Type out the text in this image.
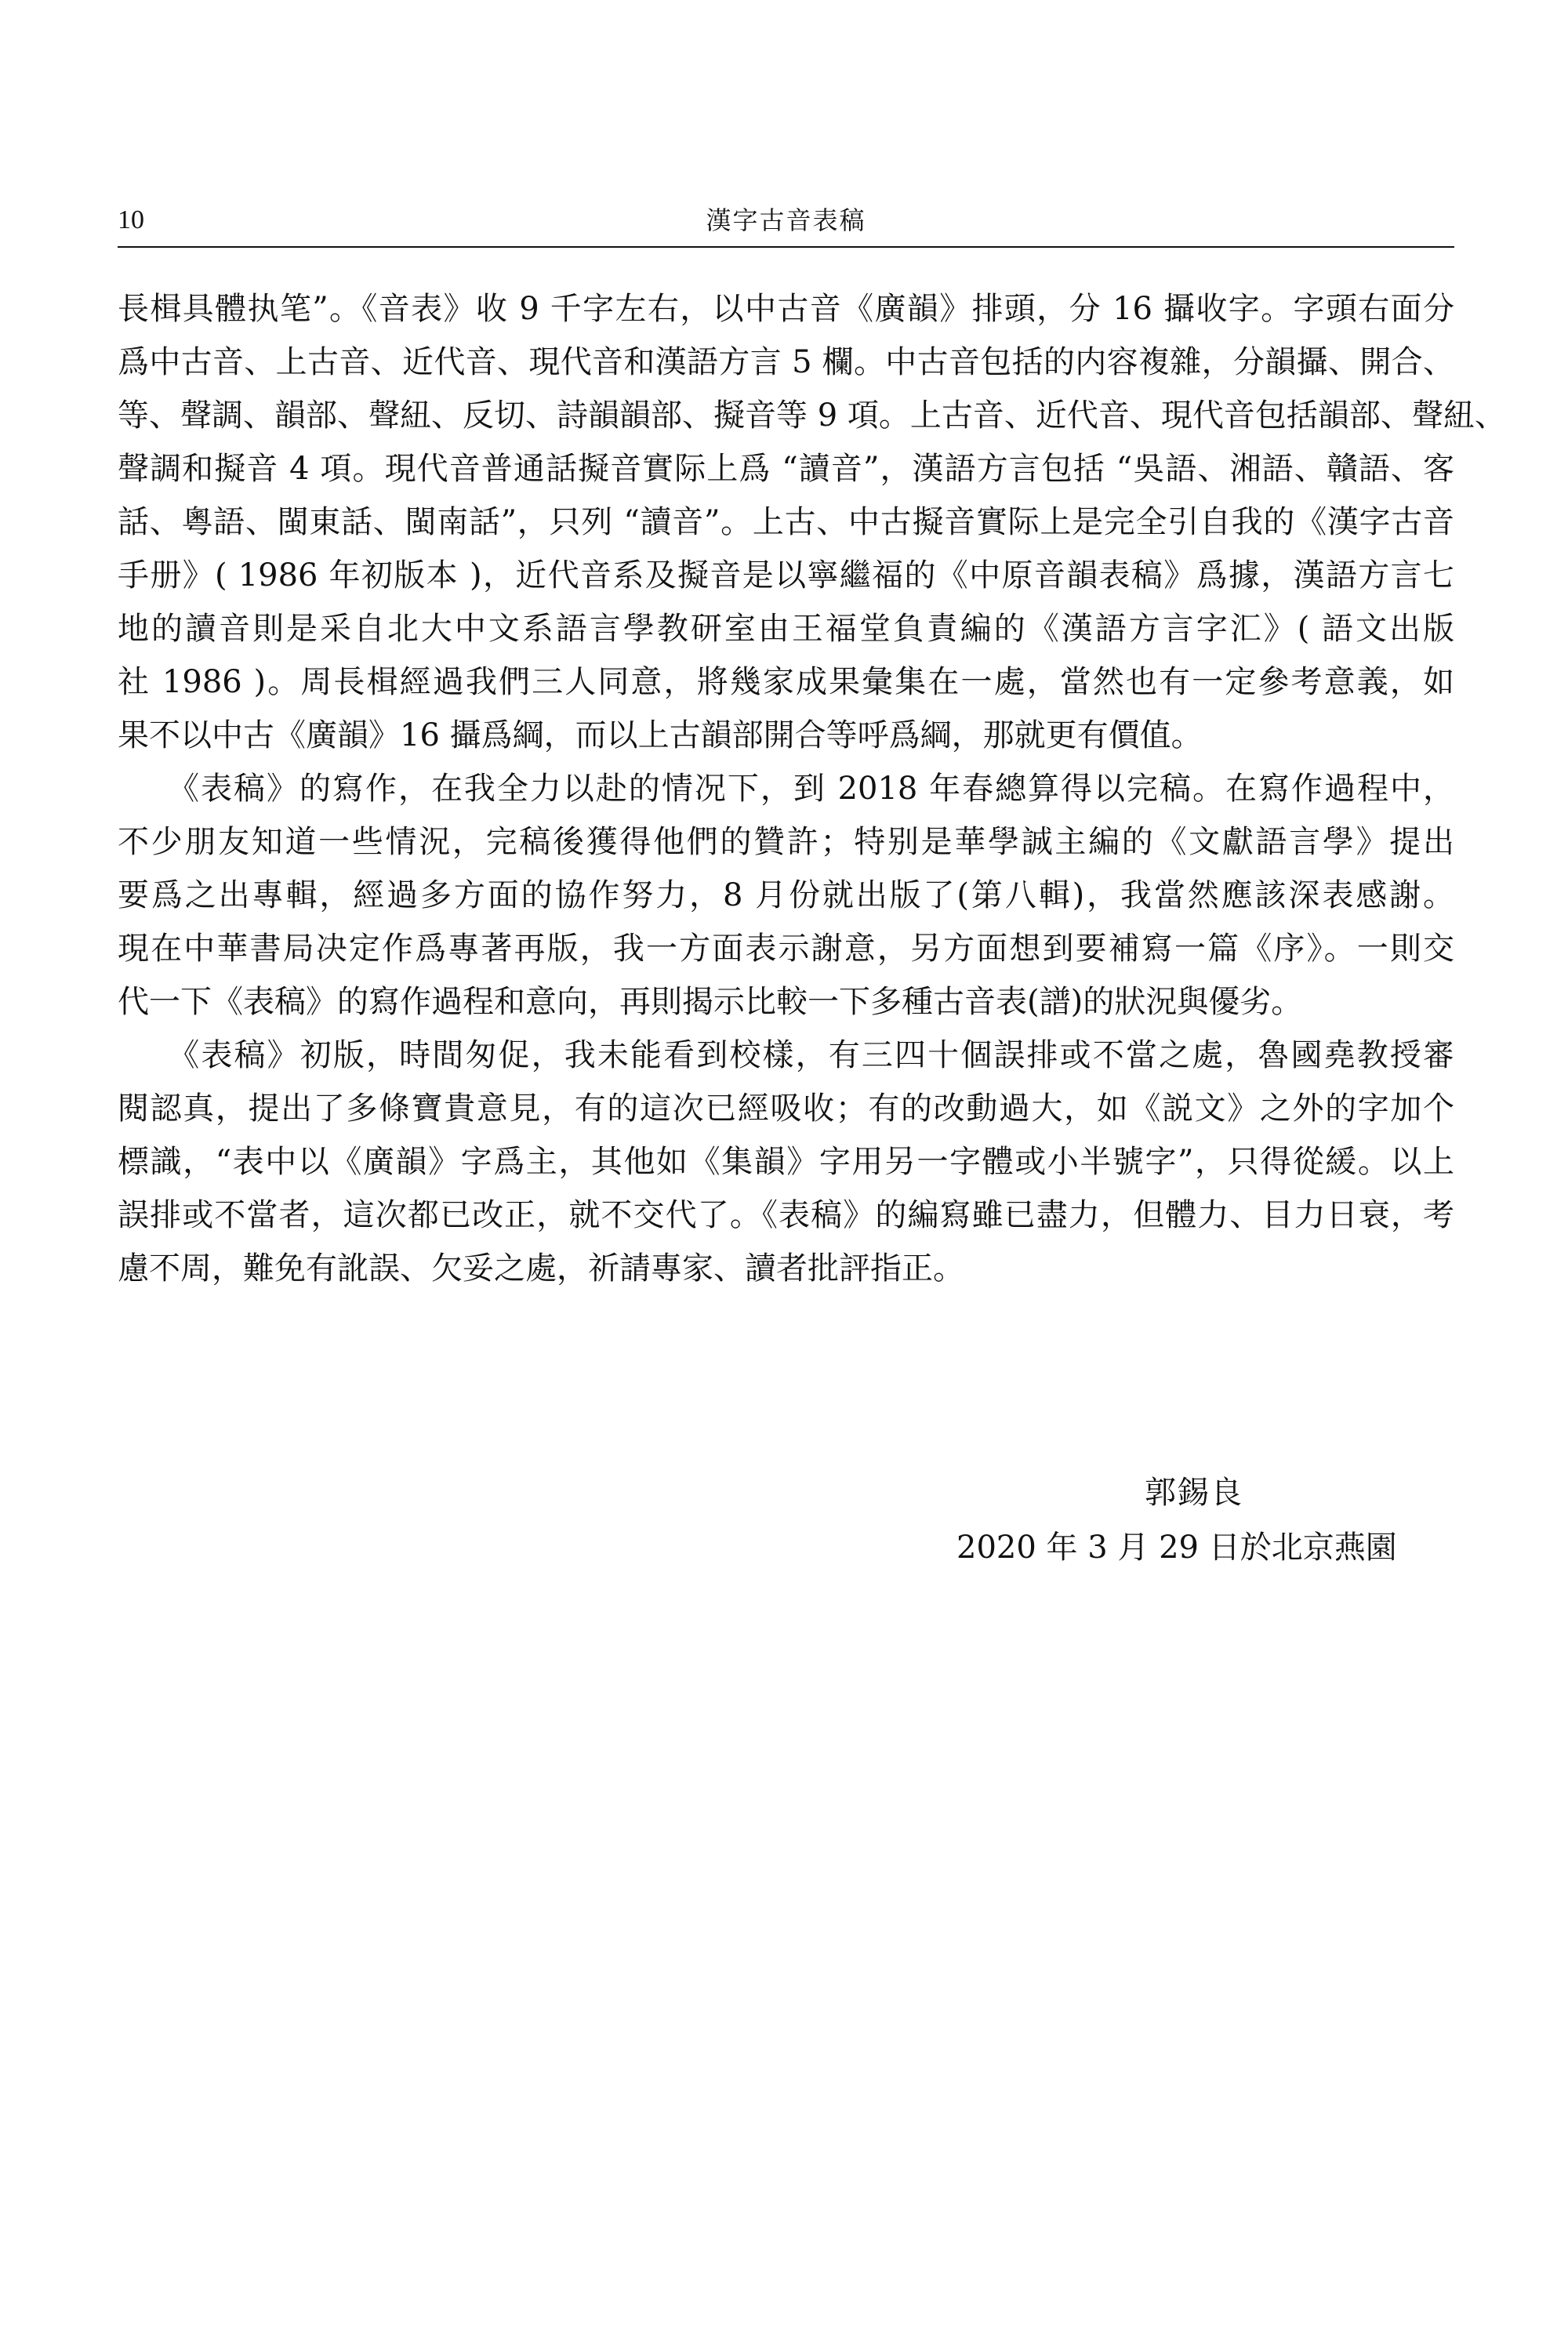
10	漢字古音表稿
長楫具體执笔”。《音表》收 9 千字左右，以中古音《廣韻》排頭，分 16 攝收字。字頭右面分
爲中古音、上古音、近代音、現代音和漢語方言 5 欄。中古音包括的内容複雜，分韻攝、開合、
等、聲調、韻部、聲紐、反切、詩韻韻部、擬音等 9 項。上古音、近代音、現代音包括韻部、聲紐、
聲調和擬音 4 項。現代音普通話擬音實际上爲 “讀音”，漢語方言包括 “吳語、湘語、贛語、客
話、粵語、閩東話、閩南話”，只列 “讀音”。上古、中古擬音實际上是完全引自我的《漢字古音
手册》( 1986 年初版本 )，近代音系及擬音是以寧繼福的《中原音韻表稿》爲據，漢語方言七
地的讀音則是采自北大中文系語言學教研室由王福堂負責編的《漢語方言字汇》( 語文出版
社 1986 )。周長楫經過我們三人同意，將幾家成果彙集在一處，當然也有一定參考意義，如
果不以中古《廣韻》16 攝爲綱，而以上古韻部開合等呼爲綱，那就更有價值。
　　《表稿》的寫作，在我全力以赴的情况下，到 2018 年春總算得以完稿。在寫作過程中，
不少朋友知道一些情況，完稿後獲得他們的贊許；特别是華學誠主編的《文獻語言學》提出
要爲之出專輯，經過多方面的協作努力，8 月份就出版了(第八輯)，我當然應該深表感謝。
現在中華書局决定作爲專著再版，我一方面表示謝意，另方面想到要補寫一篇《序》。一則交
代一下《表稿》的寫作過程和意向，再則揭示比較一下多種古音表(譜)的狀況與優劣。
　　《表稿》初版，時間匆促，我未能看到校樣，有三四十個誤排或不當之處，魯國堯教授審
閱認真，提出了多條寶貴意見，有的這次已經吸收；有的改動過大，如《説文》之外的字加个
標識，“表中以《廣韻》字爲主，其他如《集韻》字用另一字體或小半號字”，只得從緩。以上
誤排或不當者，這次都已改正，就不交代了。《表稿》的編寫雖已盡力，但體力、目力日衰，考
慮不周，難免有訛誤、欠妥之處，祈請專家、讀者批評指正。
郭錫良
2020 年 3 月 29 日於北京燕園
